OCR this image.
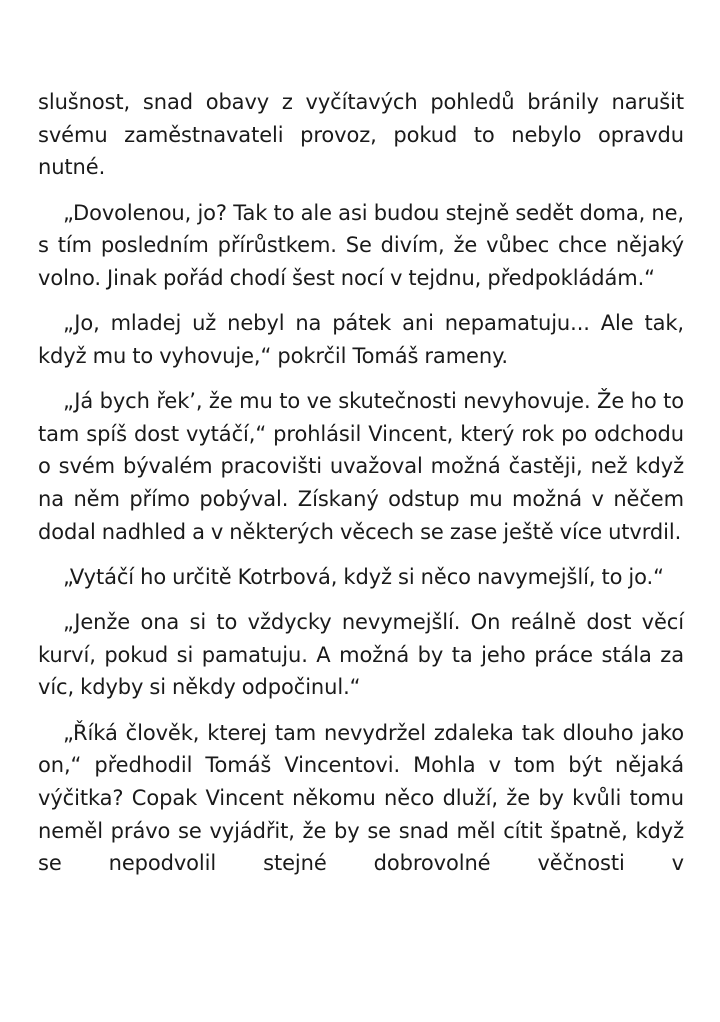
slušnost, snad obavy z vyčítavých pohledů bránily narušit svému zaměstnavateli provoz, pokud to nebylo opravdu nutné.

„Dovolenou, jo? Tak to ale asi budou stejně sedět doma, ne, s tím posledním přírůstkem. Se divím, že vůbec chce nějaký volno. Jinak pořád chodí šest nocí v tejdnu, předpokládám.“

„Jo, mladej už nebyl na pátek ani nepamatuju... Ale tak, když mu to vyhovuje,“ pokrčil Tomáš rameny.

„Já bych řek’, že mu to ve skutečnosti nevyhovuje. Že ho to tam spíš dost vytáčí,“ prohlásil Vincent, který rok po odchodu o svém bývalém pracovišti uvažoval možná častěji, než když na něm přímo pobýval. Získaný odstup mu možná v něčem dodal nadhled a v některých věcech se zase ještě více utvrdil.

„Vytáčí ho určitě Kotrbová, když si něco navymejšlí, to jo.“

„Jenže ona si to vždycky nevymejšlí. On reálně dost věcí kurví, pokud si pamatuju. A možná by ta jeho práce stála za víc, kdyby si někdy odpočinul.“

„Říká člověk, kterej tam nevydržel zdaleka tak dlouho jako on,“ předhodil Tomáš Vincentovi. Mohla v tom být nějaká výčitka? Copak Vincent někomu něco dluží, že by kvůli tomu neměl právo se vyjádřit, že by se snad měl cítit špatně, když se nepodvolil stejné dobrovolné věčnosti v
